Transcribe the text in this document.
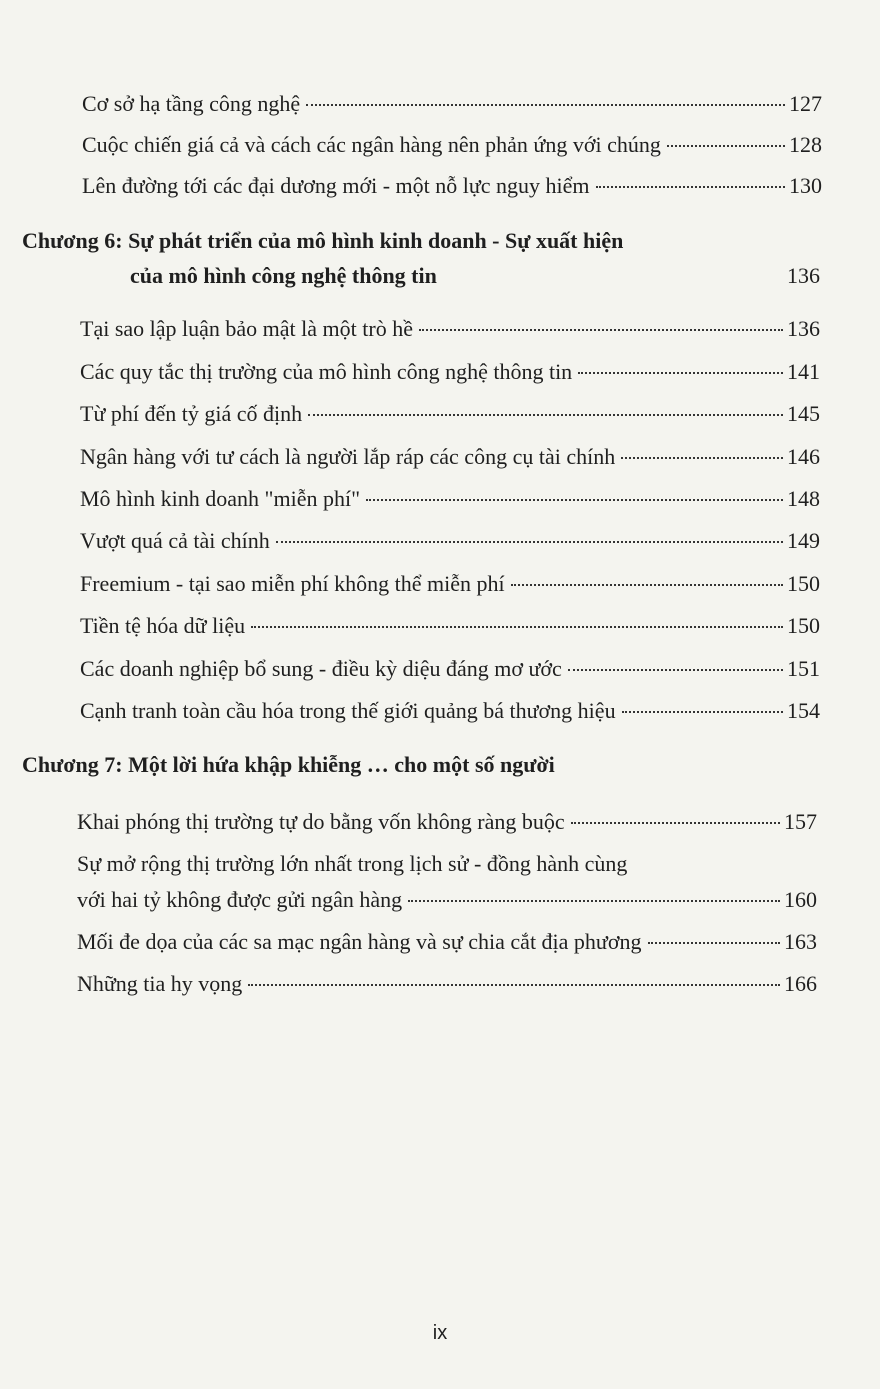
Cơ sở hạ tầng công nghệ	127
Cuộc chiến giá cả và cách các ngân hàng nên phản ứng với chúng	128
Lên đường tới các đại dương mới - một nỗ lực nguy hiểm	130
Chương 6: Sự phát triển của mô hình kinh doanh - Sự xuất hiện
của mô hình công nghệ thông tin	136
Tại sao lập luận bảo mật là một trò hề	136
Các quy tắc thị trường của mô hình công nghệ thông tin	141
Từ phí đến tỷ giá cố định	145
Ngân hàng với tư cách là người lắp ráp các công cụ tài chính	146
Mô hình kinh doanh "miễn phí"	148
Vượt quá cả tài chính	149
Freemium - tại sao miễn phí không thể miễn phí	150
Tiền tệ hóa dữ liệu	150
Các doanh nghiệp bổ sung - điều kỳ diệu đáng mơ ước	151
Cạnh tranh toàn cầu hóa trong thế giới quảng bá thương hiệu	154
Chương 7: Một lời hứa khập khiễng … cho một số người
Khai phóng thị trường tự do bằng vốn không ràng buộc	157
Sự mở rộng thị trường lớn nhất trong lịch sử - đồng hành cùng
với hai tỷ không được gửi ngân hàng	160
Mối đe dọa của các sa mạc ngân hàng và sự chia cắt địa phương	163
Những tia hy vọng	166
ix
